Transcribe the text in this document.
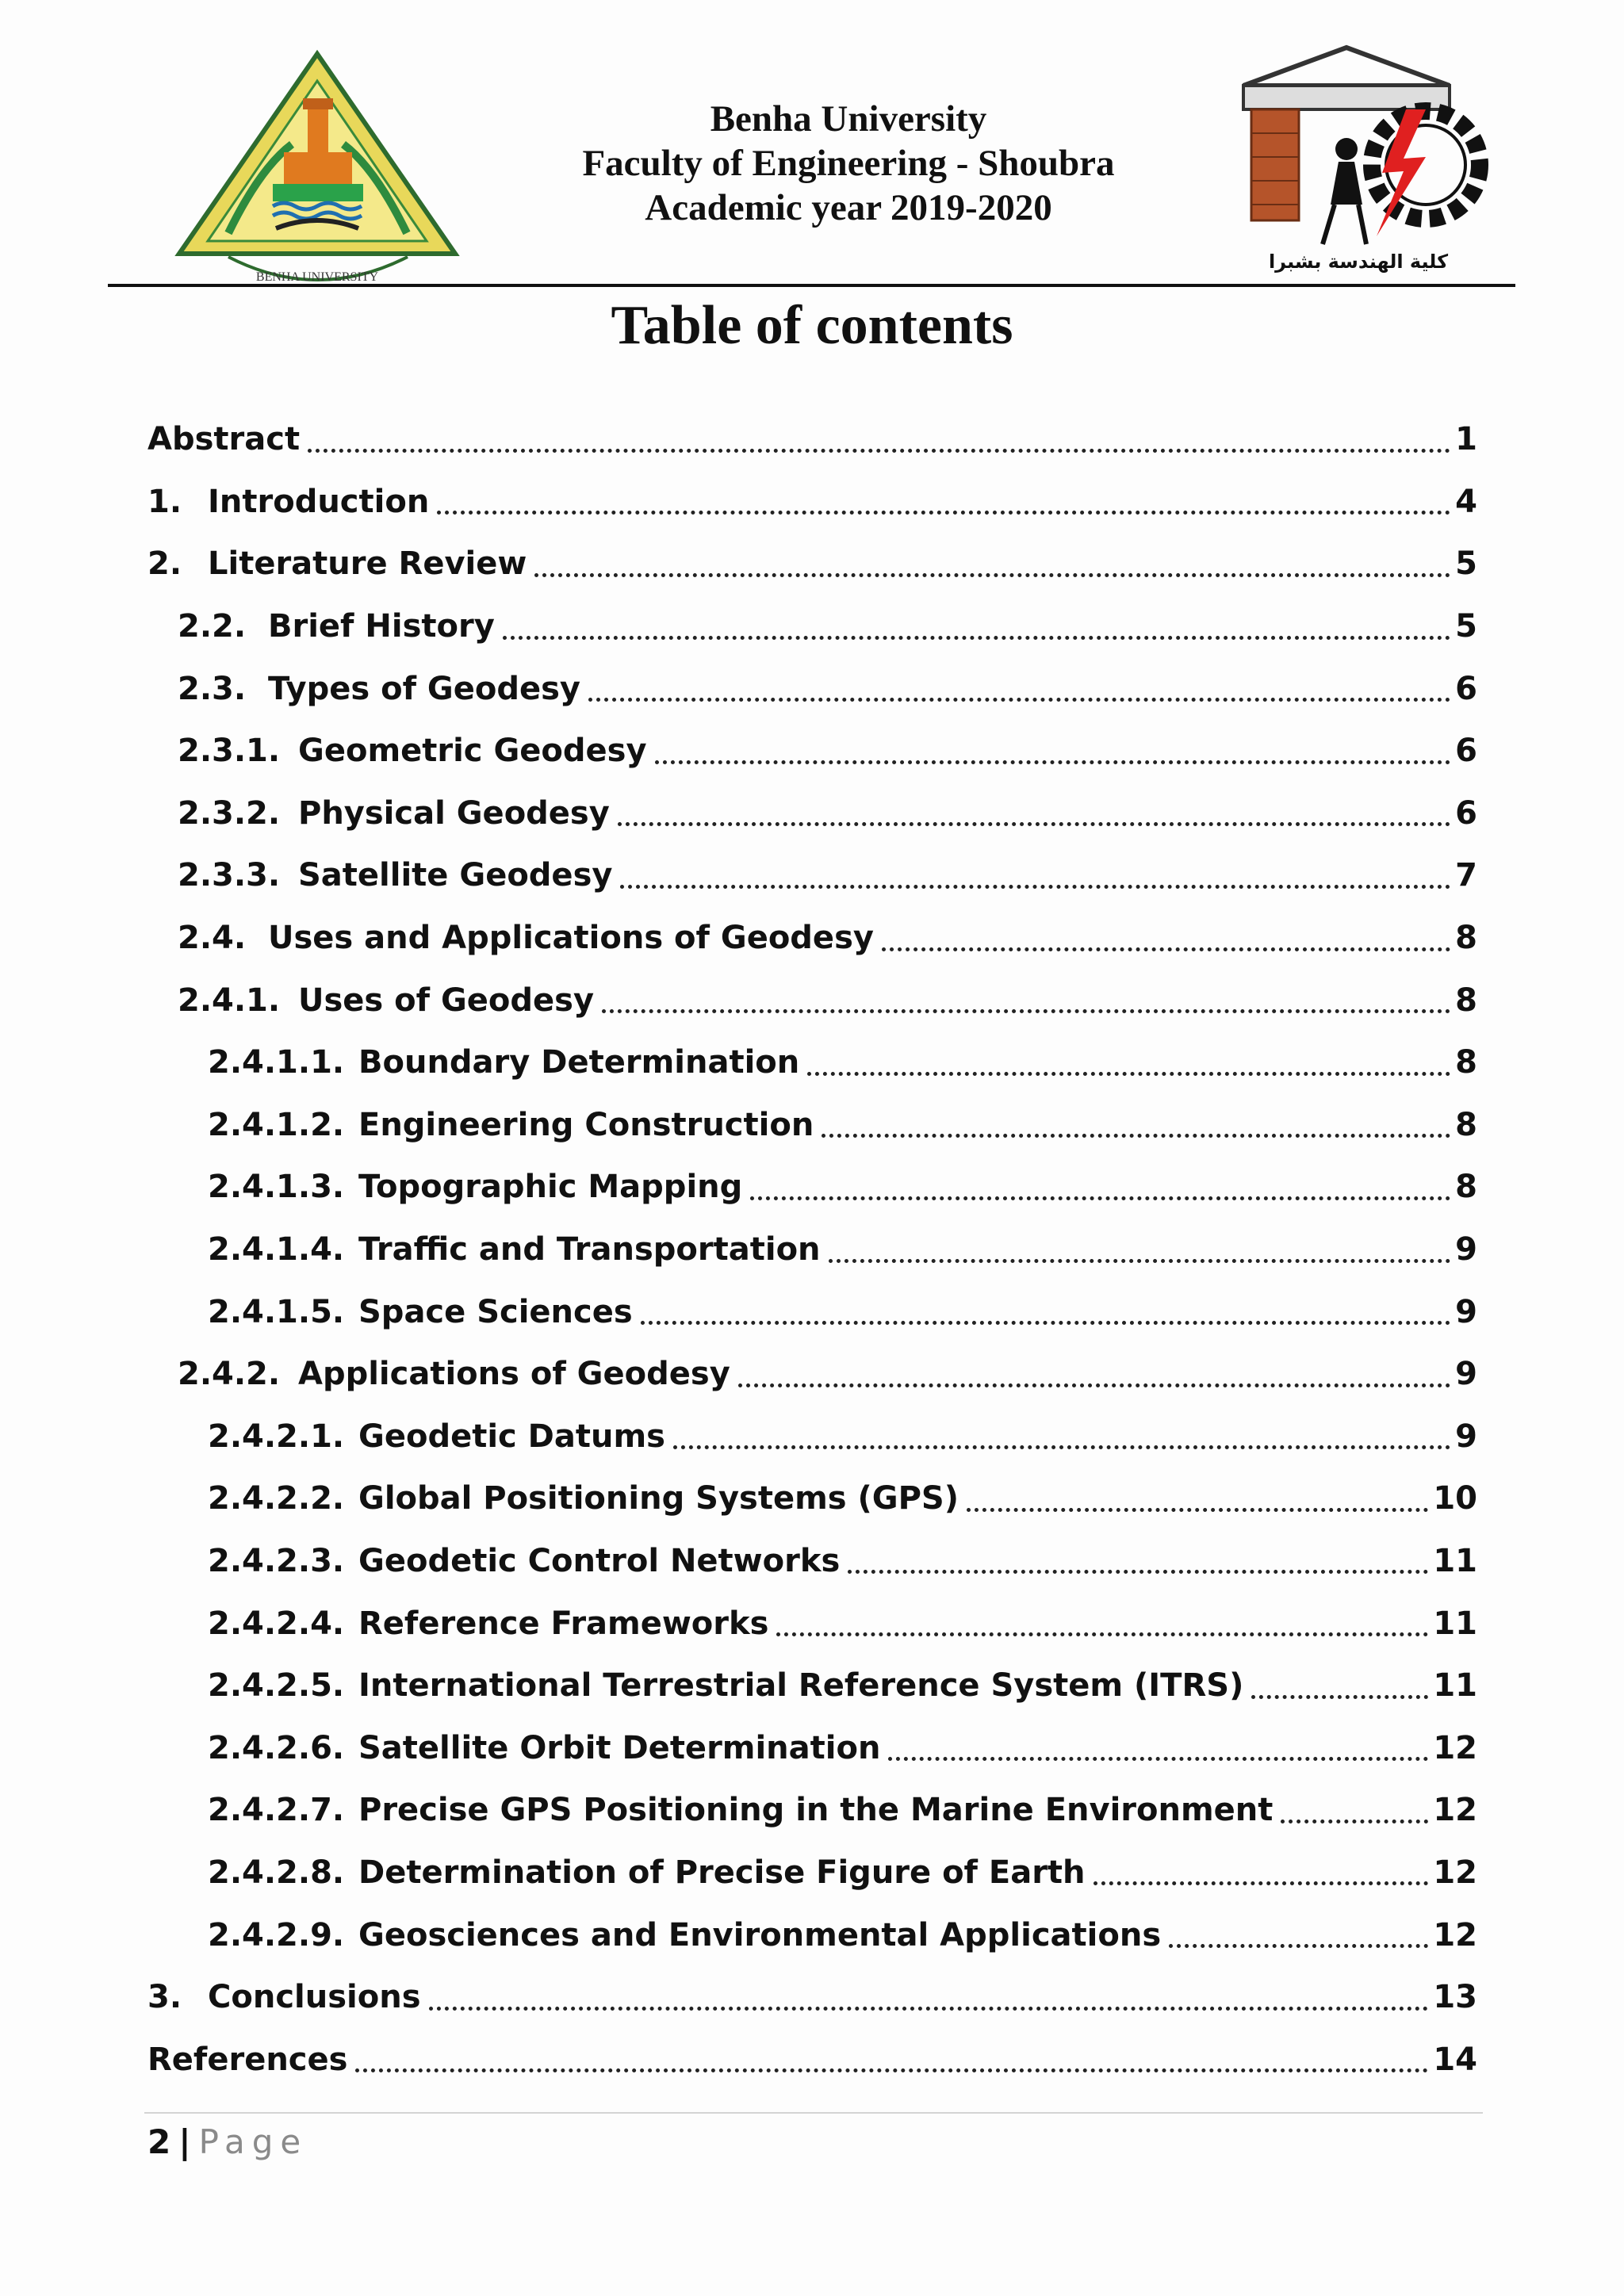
BENHA UNIVERSITY
Benha University
Faculty of Engineering - Shoubra
Academic year 2019-2020
كلية الهندسة بشبرا
Table of contents
Abstract	1
1. Introduction	4
2. Literature Review	5
2.2. Brief History	5
2.3. Types of Geodesy	6
2.3.1. Geometric Geodesy	6
2.3.2. Physical Geodesy	6
2.3.3. Satellite Geodesy	7
2.4. Uses and Applications of Geodesy	8
2.4.1. Uses of Geodesy	8
2.4.1.1. Boundary Determination	8
2.4.1.2. Engineering Construction	8
2.4.1.3. Topographic Mapping	8
2.4.1.4. Traffic and Transportation	9
2.4.1.5. Space Sciences	9
2.4.2. Applications of Geodesy	9
2.4.2.1. Geodetic Datums	9
2.4.2.2. Global Positioning Systems (GPS)	10
2.4.2.3. Geodetic Control Networks	11
2.4.2.4. Reference Frameworks	11
2.4.2.5. International Terrestrial Reference System (ITRS)	11
2.4.2.6. Satellite Orbit Determination	12
2.4.2.7. Precise GPS Positioning in the Marine Environment	12
2.4.2.8. Determination of Precise Figure of Earth	12
2.4.2.9. Geosciences and Environmental Applications	12
3. Conclusions	13
References	14
2 | Page
